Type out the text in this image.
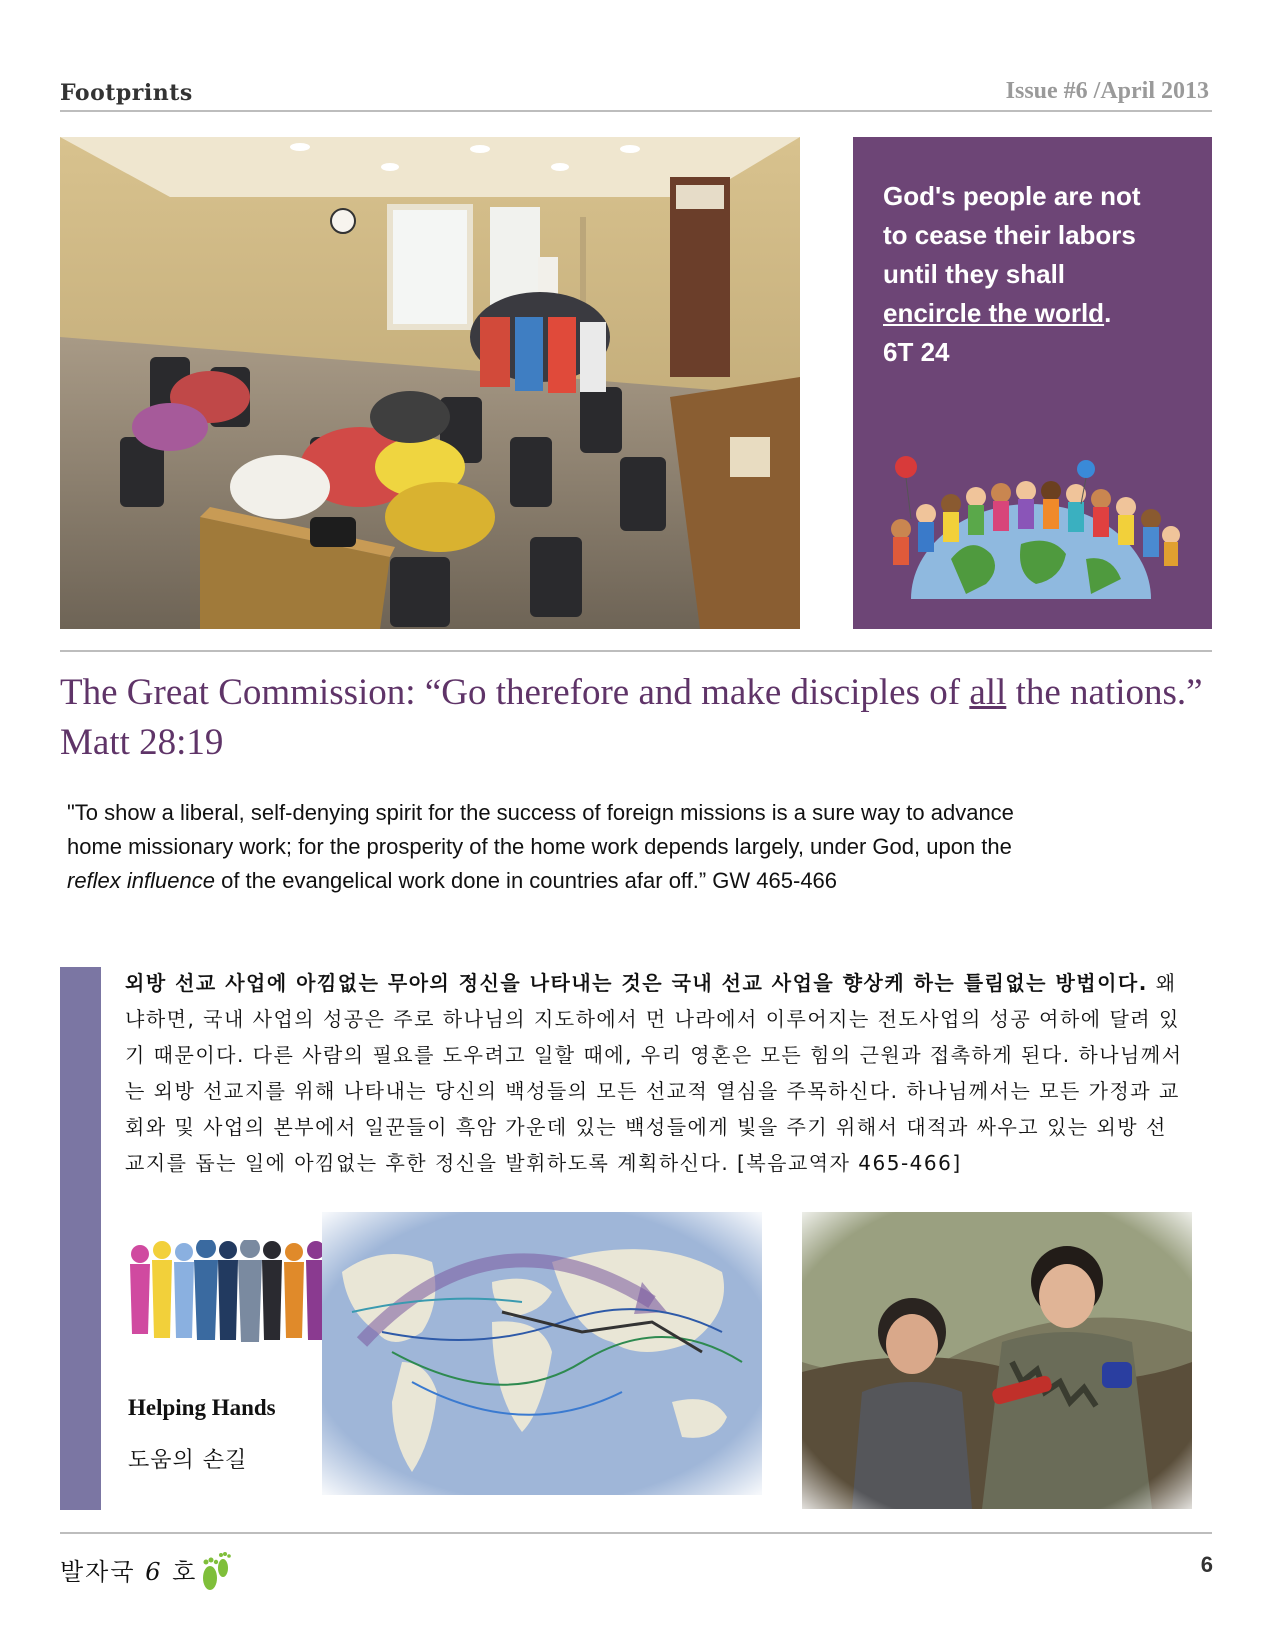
Footprints	Issue #6 /April 2013
God's people are not
to cease their labors
until they shall
encircle the world.
6T 24
The Great Commission: “Go therefore and make disciples of all the nations.” Matt 28:19
"To show a liberal, self-denying spirit for the success of foreign missions is a sure way to advance home missionary work; for the prosperity of the home work depends largely, under God, upon the reflex influence of the evangelical work done in countries afar off.” GW 465-466
외방 선교 사업에 아낌없는 무아의 정신을 나타내는 것은 국내 선교 사업을 향상케 하는 틀림없는 방법이다. 왜냐하면, 국내 사업의 성공은 주로 하나님의 지도하에서 먼 나라에서 이루어지는 전도사업의 성공 여하에 달려 있기 때문이다. 다른 사람의 필요를 도우려고 일할 때에, 우리 영혼은 모든 힘의 근원과 접촉하게 된다. 하나님께서는 외방 선교지를 위해 나타내는 당신의 백성들의 모든 선교적 열심을 주목하신다. 하나님께서는 모든 가정과 교회와 및 사업의 본부에서 일꾼들이 흑암 가운데 있는 백성들에게 빛을 주기 위해서 대적과 싸우고 있는 외방 선교지를 돕는 일에 아낌없는 후한 정신을 발휘하도록 계획하신다. [복음교역자 465-466]
Helping Hands
도움의 손길
발자국 6 호	6
